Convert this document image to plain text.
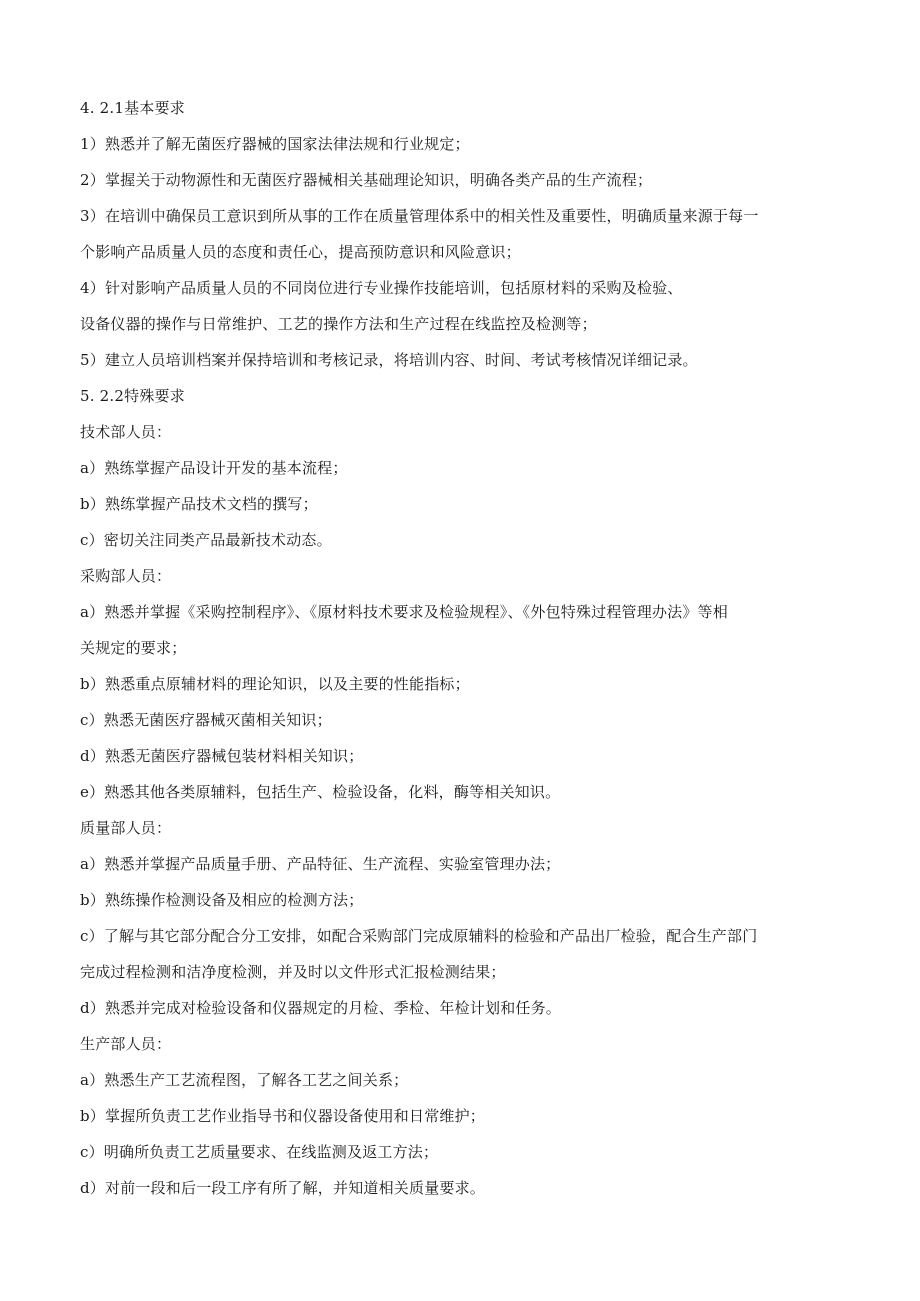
4. 2.1基本要求

1）熟悉并了解无菌医疗器械的国家法律法规和行业规定；

2）掌握关于动物源性和无菌医疗器械相关基础理论知识，明确各类产品的生产流程；

3）在培训中确保员工意识到所从事的工作在质量管理体系中的相关性及重要性，明确质量来源于每一

个影响产品质量人员的态度和责任心，提高预防意识和风险意识；

4）针对影响产品质量人员的不同岗位进行专业操作技能培训，包括原材料的采购及检验、

设备仪器的操作与日常维护、工艺的操作方法和生产过程在线监控及检测等；

5）建立人员培训档案并保持培训和考核记录，将培训内容、时间、考试考核情况详细记录。

5. 2.2特殊要求

技术部人员：

a）熟练掌握产品设计开发的基本流程；

b）熟练掌握产品技术文档的撰写；

c）密切关注同类产品最新技术动态。

采购部人员：

a）熟悉并掌握《采购控制程序》、《原材料技术要求及检验规程》、《外包特殊过程管理办法》等相

关规定的要求；

b）熟悉重点原辅材料的理论知识，以及主要的性能指标；

c）熟悉无菌医疗器械灭菌相关知识；

d）熟悉无菌医疗器械包装材料相关知识；

e）熟悉其他各类原辅料，包括生产、检验设备，化料，酶等相关知识。

质量部人员：

a）熟悉并掌握产品质量手册、产品特征、生产流程、实验室管理办法；

b）熟练操作检测设备及相应的检测方法；

c）了解与其它部分配合分工安排，如配合采购部门完成原辅料的检验和产品出厂检验，配合生产部门

完成过程检测和洁净度检测，并及时以文件形式汇报检测结果；

d）熟悉并完成对检验设备和仪器规定的月检、季检、年检计划和任务。

生产部人员：

a）熟悉生产工艺流程图，了解各工艺之间关系；

b）掌握所负责工艺作业指导书和仪器设备使用和日常维护；

c）明确所负责工艺质量要求、在线监测及返工方法；

d）对前一段和后一段工序有所了解，并知道相关质量要求。
